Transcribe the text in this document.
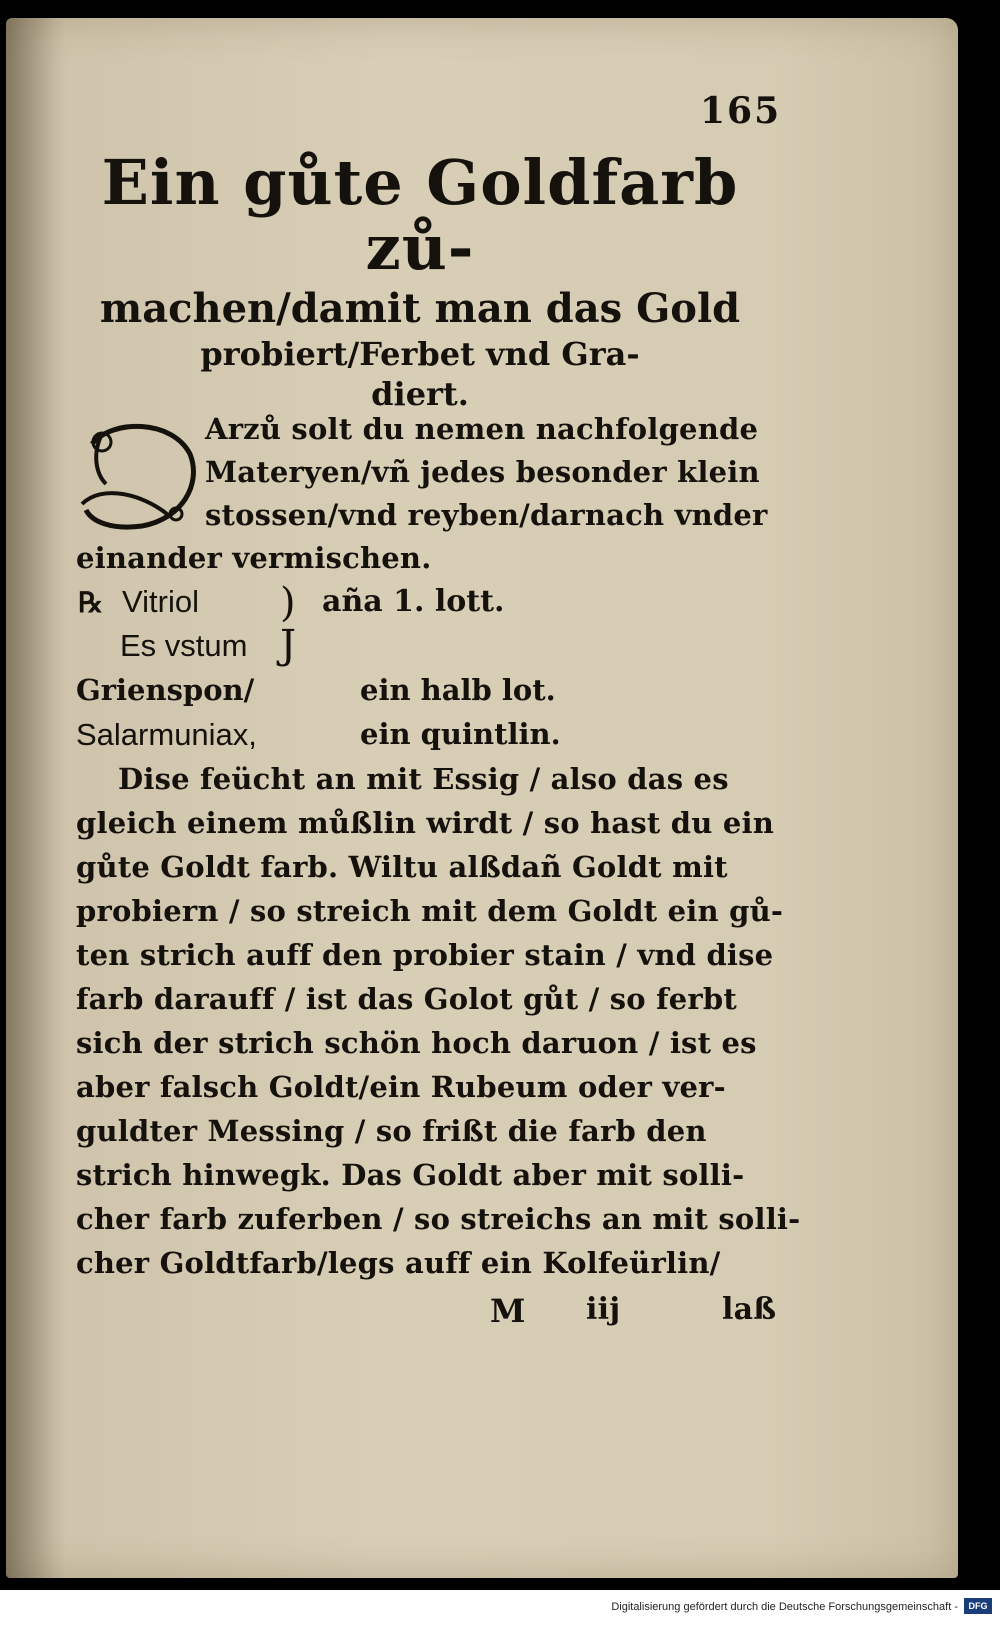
165
Ein gůte Goldfarb zů-
machen/damit man das Gold
probiert/Ferbet vnd Gra-
diert.
Arzů solt du nemen nachfolgende
Materyen/vñ jedes besonder klein
stossen/vnd reyben/darnach vnder
einander vermischen.
℞ Vitriol	aña 1. lott.
Es vstum
)
J
Grienspon/	ein halb lot.
Salarmuniax,	ein quintlin.
Dise feücht an mit Essig / also das es
gleich einem můßlin wirdt / so hast du ein
gůte Goldt farb. Wiltu alßdañ Goldt mit
probiern / so streich mit dem Goldt ein gů-
ten strich auff den probier stain / vnd dise
farb darauff / ist das Golot gůt / so ferbt
sich der strich schön hoch daruon / ist es
aber falsch Goldt/ein Rubeum oder ver-
guldter Messing / so frißt die farb den
strich hinwegk. Das Goldt aber mit solli-
cher farb zuferben / so streichs an mit solli-
cher Goldtfarb/legs auff ein Kolfeürlin/
M iij	laß
Digitalisierung gefördert durch die Deutsche Forschungsgemeinschaft -	DFG
